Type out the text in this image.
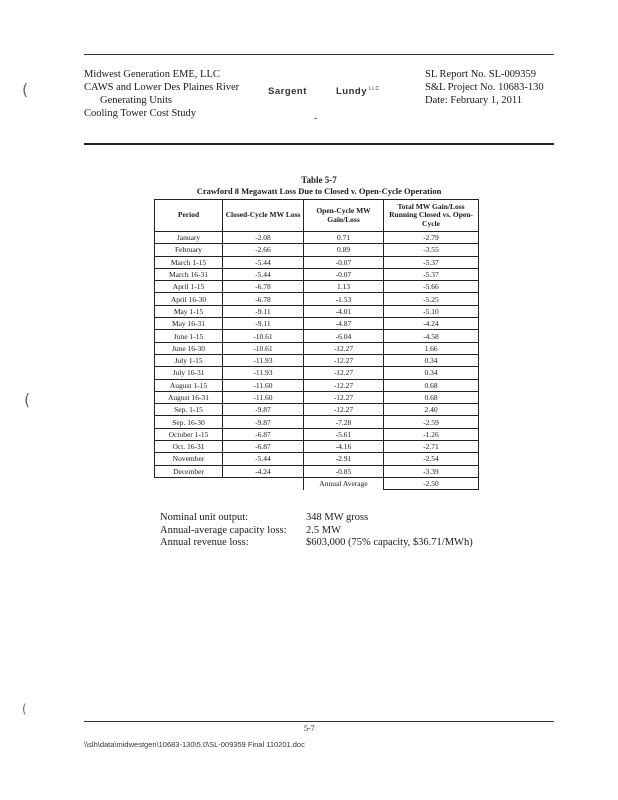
Midwest Generation EME, LLC
CAWS and Lower Des Plaines River
Generating Units
Cooling Tower Cost Study
Sargent	Lundy $^{LLC}$
SL Report No. SL-009359
S&L Project No. 10683-130
Date: February 1, 2011
(
(
(
Table 5-7
Crawford 8 Megawatt Loss Due to Closed v. Open-Cycle Operation
Period	Closed-Cycle MW Loss	Open-Cycle MW Gain/Loss	Total MW Gain/Loss Running Closed vs. Open-Cycle
January	-2.08	0.71	-2.79
February	-2.66	0.89	-3.55
March 1-15	-5.44	-0.07	-5.37
March 16-31	-5.44	-0.07	-5.37
April 1-15	-6.78	1.13	-5.66
April 16-30	-6.78	-1.53	-5.25
May 1-15	-9.11	-4.01	-5.10
May 16-31	-9.11	-4.87	-4.24
June 1-15	-10.61	-6.04	-4.58
June 16-30	-10.61	-12.27	1.66
July 1-15	-11.93	-12.27	0.34
July 16-31	-11.93	-12.27	0.34
August 1-15	-11.60	-12.27	0.68
August 16-31	-11.60	-12.27	0.68
Sep. 1-15	-9.87	-12.27	2.40
Sep. 16-30	-9.87	-7.28	-2.59
October 1-15	-6.87	-5.61	-1.26
Oct. 16-31	-6.87	-4.16	-2.71
November	-5.44	-2.91	-2.54
December	-4.24	-0.85	-3.39
		Annual Average	-2.50
Nominal unit output:	348 MW gross
Annual-average capacity loss:	2.5 MW
Annual revenue loss:	$603,000 (75% capacity, $36.71/MWh)
5-7
\\slh\data\midwestgen\10683-130\5.0\SL-009359 Final 110201.doc
